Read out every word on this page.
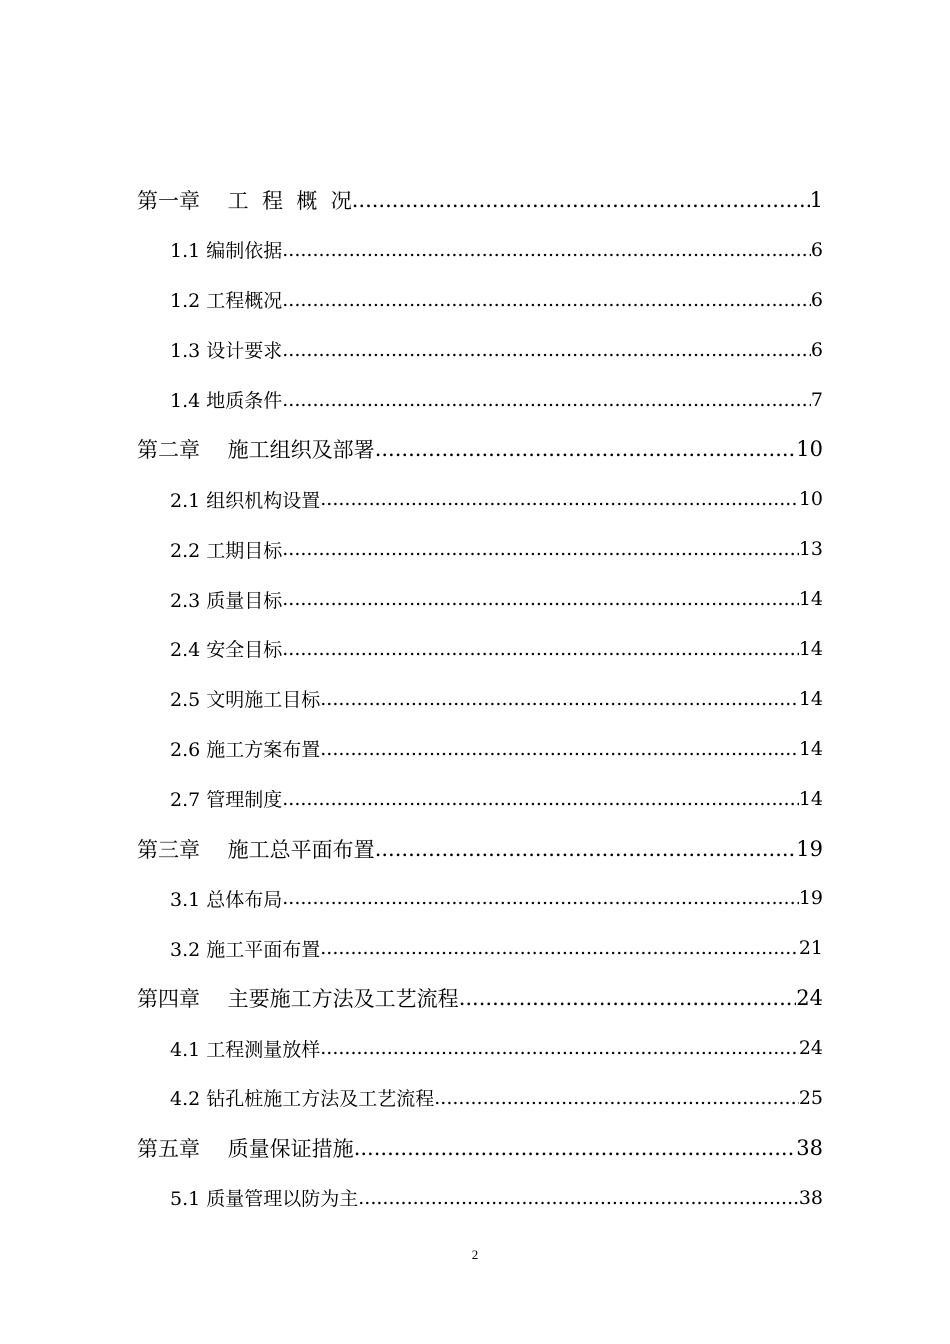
第一章　 工  程  概  况 .....	1
1.1 编制依据 .....	6
1.2 工程概况 .....	6
1.3 设计要求 .....	6
1.4 地质条件 .....	7
第二章　 施工组织及部署 .....	10
2.1 组织机构设置 .....	10
2.2 工期目标 .....	13
2.3 质量目标 .....	14
2.4 安全目标 .....	14
2.5 文明施工目标 .....	14
2.6 施工方案布置 .....	14
2.7 管理制度 .....	14
第三章　 施工总平面布置 .....	19
3.1 总体布局 .....	19
3.2 施工平面布置 .....	21
第四章　 主要施工方法及工艺流程 .....	24
4.1 工程测量放样 .....	24
4.2 钻孔桩施工方法及工艺流程 .....	25
第五章　 质量保证措施 .....	38
5.1 质量管理以防为主 .....	38
2
